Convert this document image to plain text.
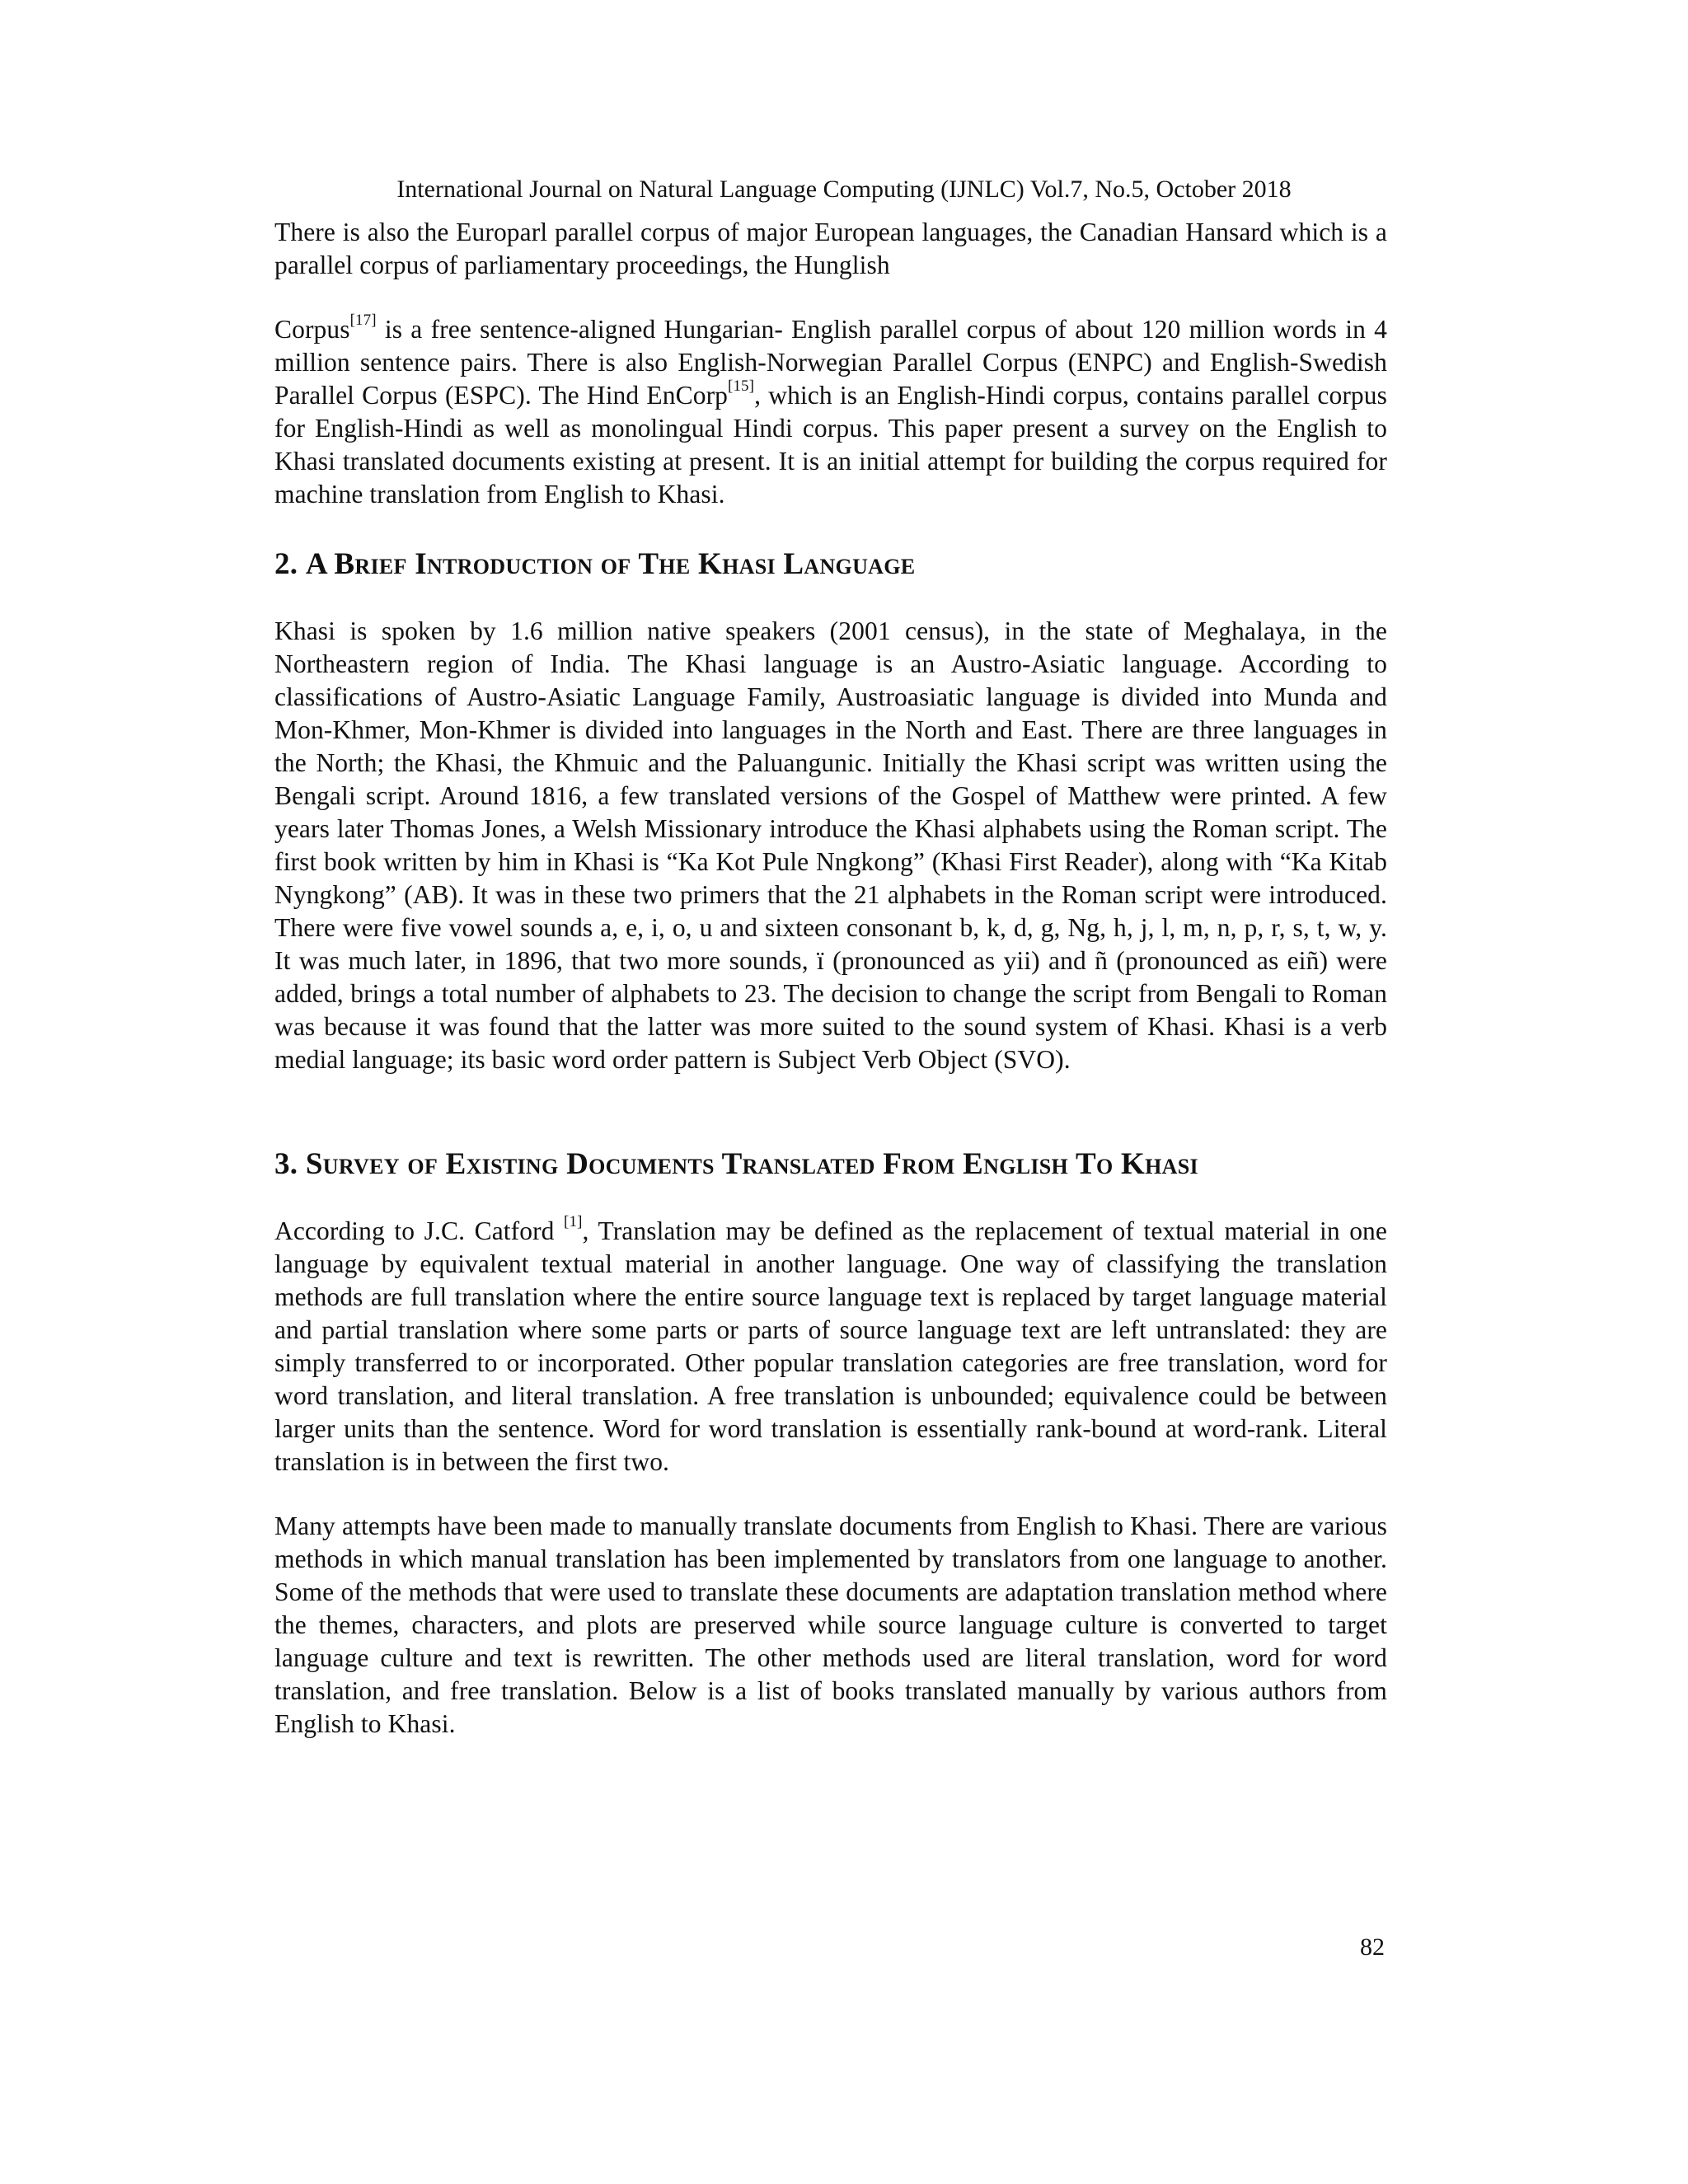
International Journal on Natural Language Computing (IJNLC) Vol.7, No.5, October 2018

There is also the Europarl parallel corpus of major European languages, the Canadian Hansard which is a parallel corpus of parliamentary proceedings, the Hunglish

Corpus[17] is a free sentence-aligned Hungarian- English parallel corpus of about 120 million words in 4 million sentence pairs. There is also English-Norwegian Parallel Corpus (ENPC) and English-Swedish Parallel Corpus (ESPC). The Hind EnCorp[15], which is an English-Hindi corpus, contains parallel corpus for English-Hindi as well as monolingual Hindi corpus. This paper present a survey on the English to Khasi translated documents existing at present. It is an initial attempt for building the corpus required for machine translation from English to Khasi.

2. A Brief Introduction of The Khasi Language

Khasi is spoken by 1.6 million native speakers (2001 census), in the state of Meghalaya, in the Northeastern region of India. The Khasi language is an Austro-Asiatic language. According to classifications of Austro-Asiatic Language Family, Austroasiatic language is divided into Munda and Mon-Khmer, Mon-Khmer is divided into languages in the North and East. There are three languages in the North; the Khasi, the Khmuic and the Paluangunic. Initially the Khasi script was written using the Bengali script. Around 1816, a few translated versions of the Gospel of Matthew were printed. A few years later Thomas Jones, a Welsh Missionary introduce the Khasi alphabets using the Roman script. The first book written by him in Khasi is “Ka Kot Pule Nngkong” (Khasi First Reader), along with “Ka Kitab Nyngkong” (AB). It was in these two primers that the 21 alphabets in the Roman script were introduced. There were five vowel sounds a, e, i, o, u and sixteen consonant b, k, d, g, Ng, h, j, l, m, n, p, r, s, t, w, y. It was much later, in 1896, that two more sounds, ï (pronounced as yii) and ñ (pronounced as eiñ) were added, brings a total number of alphabets to 23. The decision to change the script from Bengali to Roman was because it was found that the latter was more suited to the sound system of Khasi. Khasi is a verb medial language; its basic word order pattern is Subject Verb Object (SVO).

3. Survey of Existing Documents Translated From English To Khasi

According to J.C. Catford [1], Translation may be defined as the replacement of textual material in one language by equivalent textual material in another language. One way of classifying the translation methods are full translation where the entire source language text is replaced by target language material and partial translation where some parts or parts of source language text are left untranslated: they are simply transferred to or incorporated. Other popular translation categories are free translation, word for word translation, and literal translation. A free translation is unbounded; equivalence could be between larger units than the sentence. Word for word translation is essentially rank-bound at word-rank. Literal translation is in between the first two.

Many attempts have been made to manually translate documents from English to Khasi. There are various methods in which manual translation has been implemented by translators from one language to another. Some of the methods that were used to translate these documents are adaptation translation method where the themes, characters, and plots are preserved while source language culture is converted to target language culture and text is rewritten. The other methods used are literal translation, word for word translation, and free translation. Below is a list of books translated manually by various authors from English to Khasi.

82
